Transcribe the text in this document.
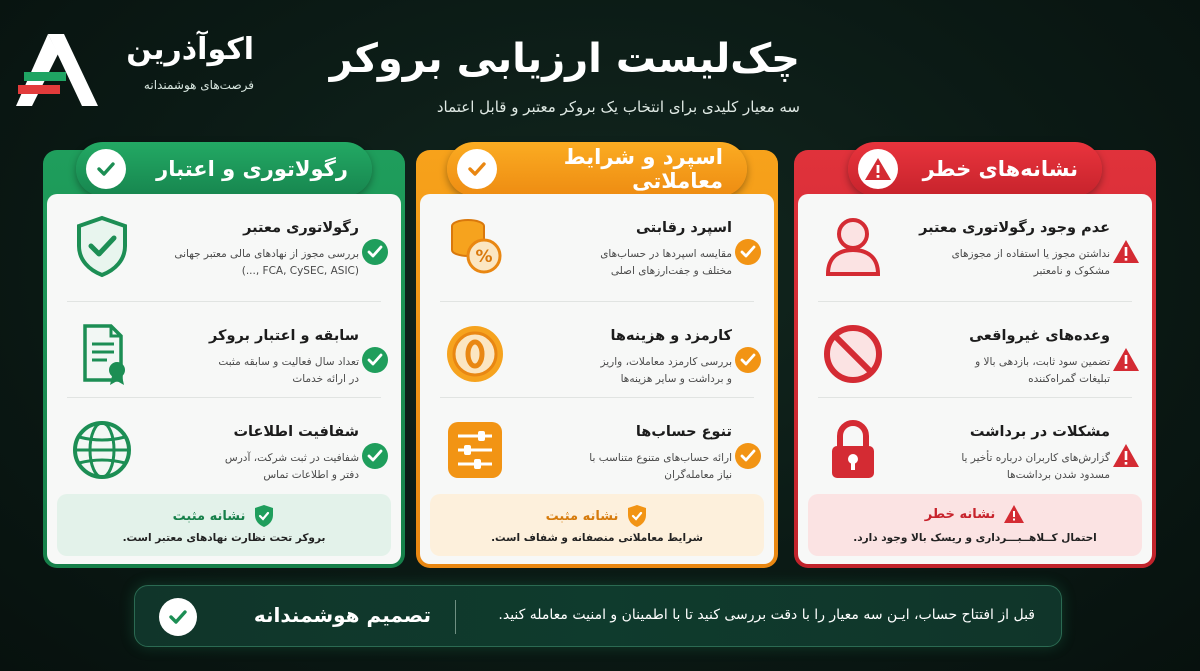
اکوآذرین
فرصت‌های هوشمندانه
چک‌لیست ارزیابی بروکر
سه معیار کلیدی برای انتخاب یک بروکر معتبر و قابل اعتماد
رگولاتوری و اعتبار
رگولاتوری معتبر
بررسی مجوز از نهادهای مالی معتبر جهانی
(FCA, CySEC, ASIC ,...)
سابقه و اعتبار بروکر
تعداد سال فعالیت و سابقه مثبت
در ارائه خدمات
شفافیت اطلاعات
شفافیت در ثبت شرکت، آدرس
دفتر و اطلاعات تماس
نشانه مثبت
بروکر تحت نظارت نهادهای معتبر است.
اسپرد و شرایط معاملاتی
%
اسپرد رقابتی
مقایسه اسپردها در حساب‌های
مختلف و جفت‌ارزهای اصلی
کارمزد و هزینه‌ها
بررسی کارمزد معاملات، واریز
و برداشت و سایر هزینه‌ها
تنوع حساب‌ها
ارائه حساب‌های متنوع متناسب با
نیاز معامله‌گران
نشانه مثبت
شرایط معاملاتی منصفانه و شفاف است.
نشانه‌های خطر
عدم وجود رگولاتوری معتبر
نداشتن مجوز یا استفاده از مجوزهای
مشکوک و نامعتبر
وعده‌های غیرواقعی
تضمین سود ثابت، بازدهی بالا و
تبلیغات گمراه‌کننده
مشکلات در برداشت
گزارش‌های کاربران درباره تأخیر یا
مسدود شدن برداشت‌ها
نشانه خطر
احتمال کــلاهــبـــرداری و ریسک بالا وجود دارد.
تصمیم هوشمندانه	قبل از افتتاح حساب، ایـن سه معیار را با دقت بررسی کنید تا با اطمینان و امنیت معامله کنید.
